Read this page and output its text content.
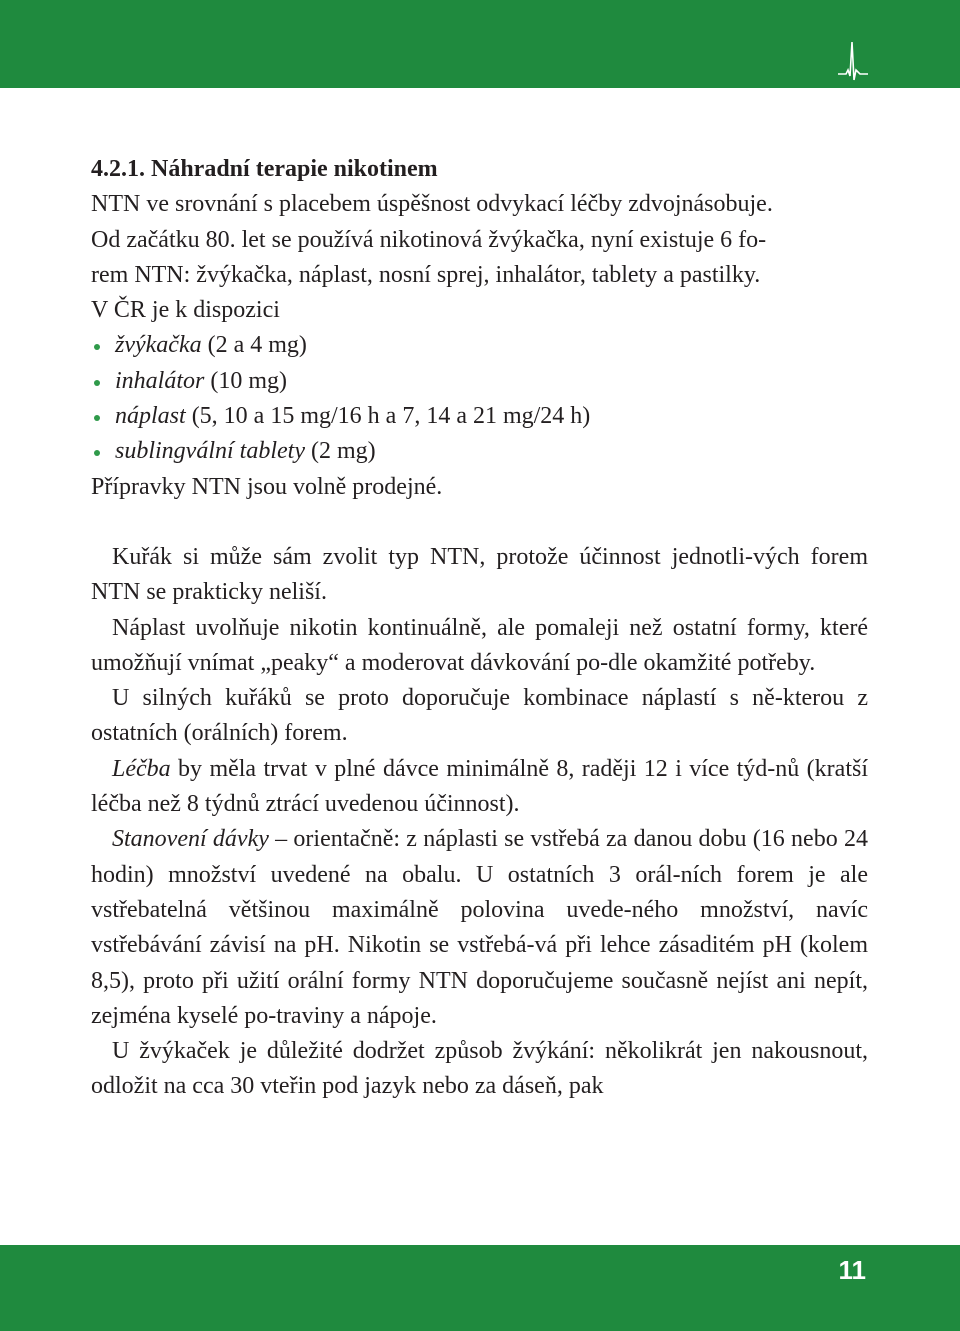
4.2.1. Náhradní terapie nikotinem

NTN ve srovnání s placebem úspěšnost odvykací léčby zdvojnásobuje.

Od začátku 80. let se používá nikotinová žvýkačka, nyní existuje 6 fo-

rem NTN: žvýkačka, náplast, nosní sprej, inhalátor, tablety a pastilky.

V ČR je k dispozici

žvýkačka (2 a 4 mg)
inhalátor (10 mg)
náplast (5, 10 a 15 mg/16 h a 7, 14 a 21 mg/24 h)
sublingvální tablety (2 mg)

Přípravky NTN jsou volně prodejné.

Kuřák si může sám zvolit typ NTN, protože účinnost jednotli-vých forem NTN se prakticky neliší.

Náplast uvolňuje nikotin kontinuálně, ale pomaleji než ostatní formy, které umožňují vnímat „peaky“ a moderovat dávkování po-dle okamžité potřeby.

U silných kuřáků se proto doporučuje kombinace náplastí s ně-kterou z ostatních (orálních) forem.

Léčba by měla trvat v plné dávce minimálně 8, raději 12 i více týd-nů (kratší léčba než 8 týdnů ztrácí uvedenou účinnost).

Stanovení dávky – orientačně: z náplasti se vstřebá za danou dobu (16 nebo 24 hodin) množství uvedené na obalu. U ostatních 3 orál-ních forem je ale vstřebatelná většinou maximálně polovina uvede-ného množství, navíc vstřebávání závisí na pH. Nikotin se vstřebá-vá při lehce zásaditém pH (kolem 8,5), proto při užití orální formy NTN doporučujeme současně nejíst ani nepít, zejména kyselé po-traviny a nápoje.

U žvýkaček je důležité dodržet způsob žvýkání: několikrát jen nakousnout, odložit na cca 30 vteřin pod jazyk nebo za dáseň, pak

11
